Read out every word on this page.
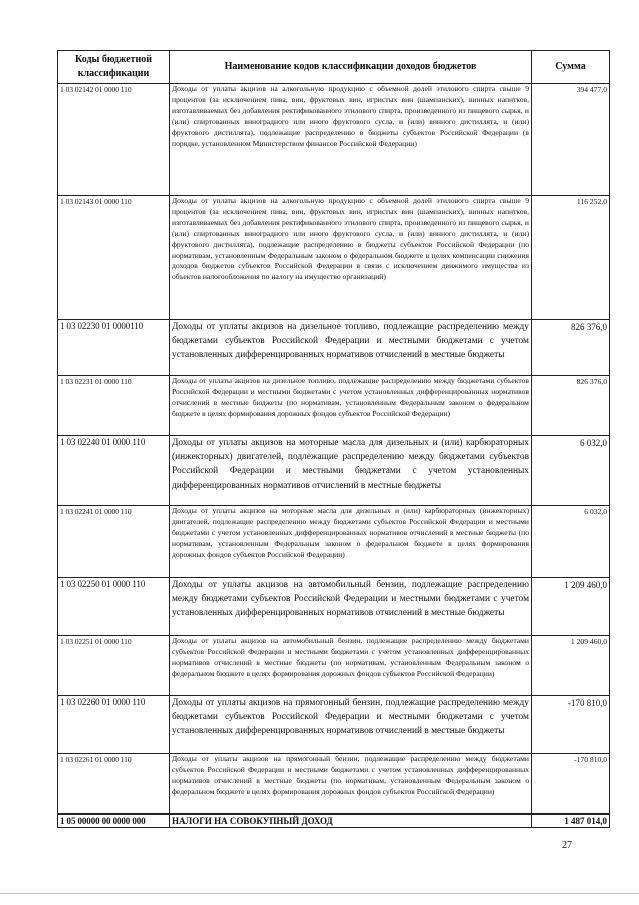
Коды бюджетной классификации	Наименование кодов классификации доходов бюджетов	Сумма
1 03 02142 01 0000 110	Доходы от уплаты акцизов на алкогольную продукцию с объемной долей этилового спирта свыше 9 процентов (за исключением пива, вин, фруктовых вин, игристых вин (шампанских), винных напитков, изготавливаемых без добавления ректификованного этилового спирта, произведенного из пищевого сырья, и (или) спиртованных виноградного или иного фруктового сусла, и (или) винного дистиллята, и (или) фруктового дистиллята), подлежащие распределению в бюджеты субъектов Российской Федерации (в порядке, установленном Министерством финансов Российской Федерации)	394 477,0
1 03 02143 01 0000 110	Доходы от уплаты акцизов на алкогольную продукцию с объемной долей этилового спирта свыше 9 процентов (за исключением пива, вин, фруктовых вин, игристых вин (шампанских), винных напитков, изготавливаемых без добавления ректификованного этилового спирта, произведенного из пищевого сырья, и (или) спиртованных виноградного или иного фруктового сусла, и (или) винного дистиллята, и (или) фруктового дистиллята), подлежащие распределению в бюджеты субъектов Российской Федерации (по нормативам, установленным Федеральным законом о федеральном бюджете в целях компенсации снижения доходов бюджетов субъектов Российской Федерации в связи с исключением движимого имущества из объектов налогообложения по налогу на имущество организаций)	116 252,0
1 03 02230 01 0000110	Доходы от уплаты акцизов на дизельное топливо, подлежащие распределению между бюджетами субъектов Российской Федерации и местными бюджетами с учетом установленных дифференцированных нормативов отчислений в местные бюджеты	826 376,0
1 03 02231 01 0000 110	Доходы от уплаты акцизов на дизельное топливо, подлежащие распределению между бюджетами субъектов Российской Федерации и местными бюджетами с учетом установленных дифференцированных нормативов отчислений в местные бюджеты (по нормативам, установленным Федеральным законом о федеральном бюджете в целях формирования дорожных фондов субъектов Российской Федерации)	826 376,0
1 03 02240 01 0000 110	Доходы от уплаты акцизов на моторные масла для дизельных и (или) карбюраторных (инжекторных) двигателей, подлежащие распределению между бюджетами субъектов Российской Федерации и местными бюджетами с учетом установленных дифференцированных нормативов отчислений в местные бюджеты	6 032,0
1 03 02241 01 0000 110	Доходы от уплаты акцизов на моторные масла для дизельных и (или) карбюраторных (инжекторных) двигателей, подлежащие распределению между бюджетами субъектов Российской Федерации и местными бюджетами с учетом установленных дифференцированных нормативов отчислений в местные бюджеты (по нормативам, установленным Федеральным законом о федеральном бюджете в целях формирования дорожных фондов субъектов Российской Федерации)	6 032,0
1 03 02250 01 0000 110	Доходы от уплаты акцизов на автомобильный бензин, подлежащие распределению между бюджетами субъектов Российской Федерации и местными бюджетами с учетом установленных дифференцированных нормативов отчислений в местные бюджеты	1 209 460,0
1 03 02251 01 0000 110	Доходы от уплаты акцизов на автомобильный бензин, подлежащие распределению между бюджетами субъектов Российской Федерации и местными бюджетами с учетом установленных дифференцированных нормативов отчислений в местные бюджеты (по нормативам, установленным Федеральным законом о федеральном бюджете в целях формирования дорожных фондов субъектов Российской Федерации)	1 209 460,0
1 03 02260 01 0000 110	Доходы от уплаты акцизов на прямогонный бензин, подлежащие распределению между бюджетами субъектов Российской Федерации и местными бюджетами с учетом установленных дифференцированных нормативов отчислений в местные бюджеты	-170 810,0
1 03 02261 01 0000 110	Доходы от уплаты акцизов на прямогонный бензин, подлежащие распределению между бюджетами субъектов Российской Федерации и местными бюджетами с учетом установленных дифференцированных нормативов отчислений в местные бюджеты (по нормативам, установленным Федеральным законом о федеральном бюджете в целях формирования дорожных фондов субъектов Российской Федерации)	-170 810,0
1 05 00000 00 0000 000	НАЛОГИ НА СОВОКУПНЫЙ ДОХОД	1 487 014,0
27
